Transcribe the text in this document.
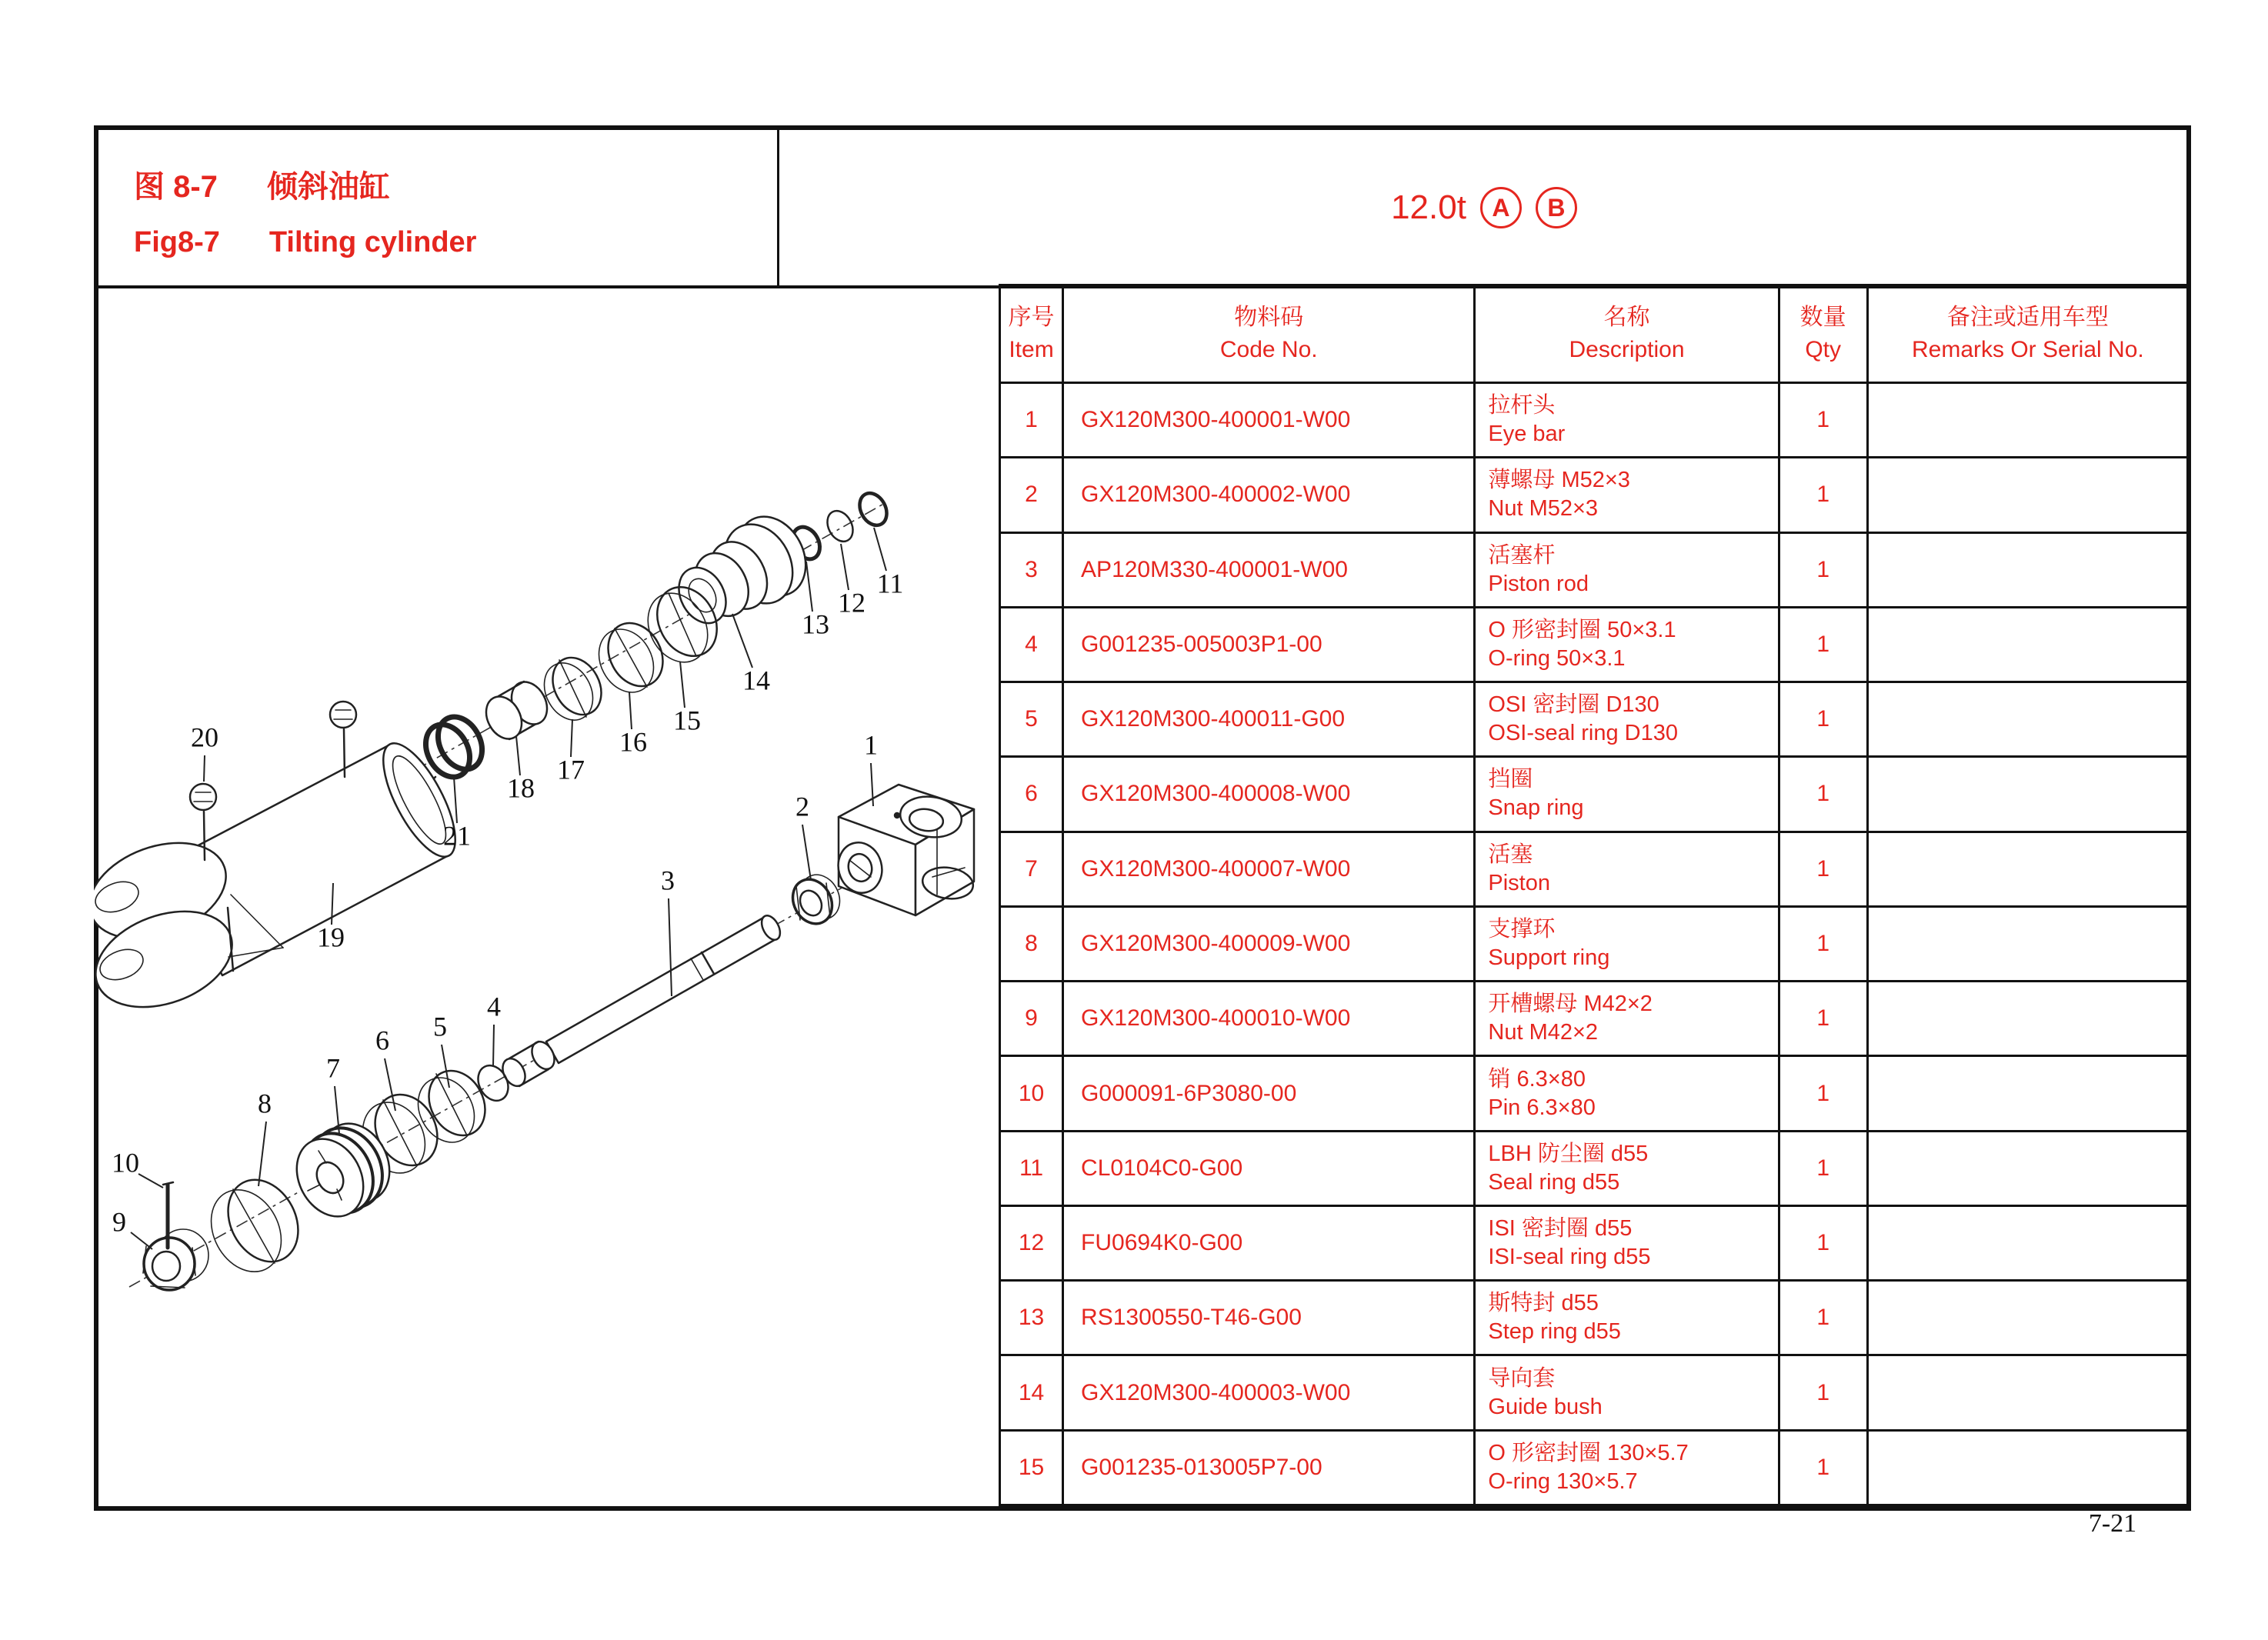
图 8-7 倾斜油缸
Fig8-7 Tilting cylinder
12.0t	A	B
序号
Item

物料码
Code No.

名称
Description

数量
Qty

备注或适用车型
Remarks Or Serial No.

1	GX120M300-400001-W00	拉杆头
Eye bar	1	
2	GX120M300-400002-W00	薄螺母 M52×3
Nut M52×3	1	
3	AP120M330-400001-W00	活塞杆
Piston rod	1	
4	G001235-005003P1-00	O 形密封圈 50×3.1
O-ring 50×3.1	1	
5	GX120M300-400011-G00	OSI 密封圈 D130
OSI-seal ring D130	1	
6	GX120M300-400008-W00	挡圈
Snap ring	1	
7	GX120M300-400007-W00	活塞
Piston	1	
8	GX120M300-400009-W00	支撑环
Support ring	1	
9	GX120M300-400010-W00	开槽螺母 M42×2
Nut M42×2	1	
10	G000091-6P3080-00	销 6.3×80
Pin 6.3×80	1	
11	CL0104C0-G00	LBH 防尘圈 d55
Seal ring d55	1	
12	FU0694K0-G00	ISI 密封圈 d55
ISI-seal ring d55	1	
13	RS1300550-T46-G00	斯特封 d55
Step ring d55	1	
14	GX120M300-400003-W00	导向套
Guide bush	1	
15	G001235-013005P7-00	O 形密封圈 130×5.7
O-ring 130×5.7	1	
1
2
3
4
5
6
7
8
9
10
11
12
13
14
15
16
17
18
19
20
21
7-21
